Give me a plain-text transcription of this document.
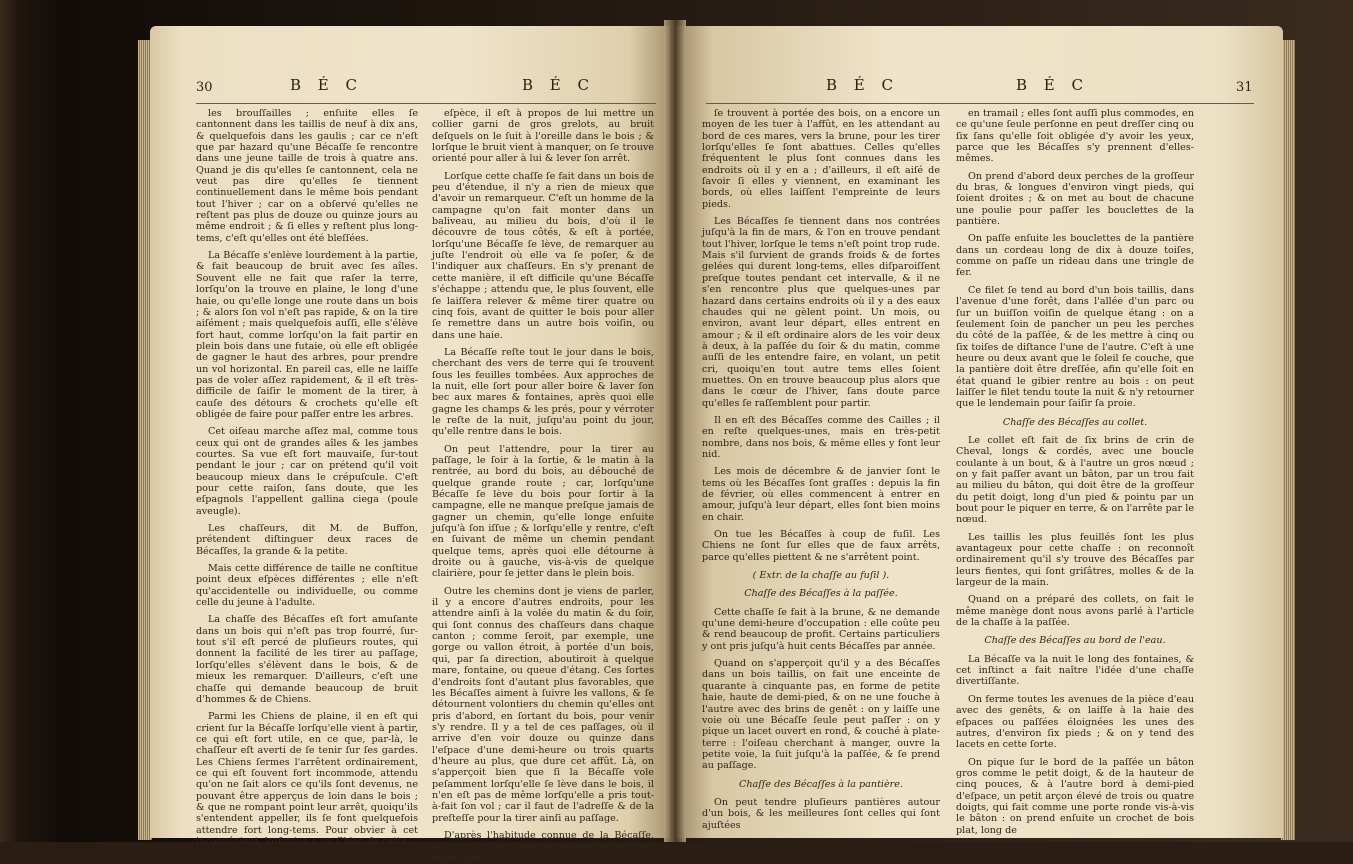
30	B É C	B É C

les brouſſailles ; enſuite elles ſe cantonnent dans les taillis de neuf à dix ans, & quelquefois dans les gaulis ; car ce n'eſt que par hazard qu'une Bécaſſe ſe rencontre dans une jeune taille de trois à quatre ans. Quand je dis qu'elles ſe cantonnent, cela ne veut pas dire qu'elles ſe tiennent continuellement dans le même bois pendant tout l'hiver ; car on a obſervé qu'elles ne reſtent pas plus de douze ou quinze jours au même endroit ; & ſi elles y reſtent plus long-tems, c'eſt qu'elles ont été bleſſées.

La Bécaſſe s'enlève lourdement à la partie, & fait beaucoup de bruit avec ſes aîles. Souvent elle ne fait que raſer la terre, lorſqu'on la trouve en plaine, le long d'une haie, ou qu'elle longe une route dans un bois ; & alors ſon vol n'eſt pas rapide, & on la tire aiſément ; mais quelquefois auſſi, elle s'élève fort haut, comme lorſqu'on la fait partir en plein bois dans une futaie, où elle eſt obligée de gagner le haut des arbres, pour prendre un vol horizontal. En pareil cas, elle ne laiſſe pas de voler aſſez rapidement, & il eſt très-difficile de ſaiſir le moment de la tirer, à cauſe des détours & crochets qu'elle eſt obligée de faire pour paſſer entre les arbres.

Cet oiſeau marche aſſez mal, comme tous ceux qui ont de grandes aîles & les jambes courtes. Sa vue eſt fort mauvaiſe, ſur-tout pendant le jour ; car on prétend qu'il voit beaucoup mieux dans le crépuſcule. C'eſt pour cette raiſon, ſans doute, que les eſpagnols l'appellent gallina ciega (poule aveugle).

Les chaſſeurs, dit M. de Buffon, prétendent diſtinguer deux races de Bécaſſes, la grande & la petite.

Mais cette différence de taille ne conſtitue point deux eſpèces différentes ; elle n'eſt qu'accidentelle ou individuelle, ou comme celle du jeune à l'adulte.

La chaſſe des Bécaſſes eſt fort amuſante dans un bois qui n'eſt pas trop fourré, ſur-tout s'il eſt percé de pluſieurs routes, qui donnent la facilité de les tirer au paſſage, lorſqu'elles s'élèvent dans le bois, & de mieux les remarquer. D'ailleurs, c'eſt une chaſſe qui demande beaucoup de bruit d'hommes & de Chiens.

Parmi les Chiens de plaine, il en eſt qui crient ſur la Bécaſſe lorſqu'elle vient à partir, ce qui eſt fort utile, en ce que, par-là, le chaſſeur eſt averti de ſe tenir ſur ſes gardes. Les Chiens ſermes l'arrêtent ordinairement, ce qui eſt ſouvent fort incommode, attendu qu'on ne ſait alors ce qu'ils ſont devenus, ne pouvant être apperçus de loin dans le bois ; & que ne rompant point leur arrêt, quoiqu'ils s'entendent appeller, ils ſe font quelquefois attendre fort long-tems. Pour obvier à cet inconvénient, lorſqu'on a un Chien de cette

eſpèce, il eſt à propos de lui mettre un collier garni de gros grelots, au bruit deſquels on le ſuit à l'oreille dans le bois ; & lorſque le bruit vient à manquer, on ſe trouve orienté pour aller à lui & lever ſon arrêt.

Lorſque cette chaſſe ſe fait dans un bois de peu d'étendue, il n'y a rien de mieux que d'avoir un remarqueur. C'eſt un homme de la campagne qu'on fait monter dans un baliveau, au milieu du bois, d'où il le découvre de tous côtés, & eſt à portée, lorſqu'une Bécaſſe ſe lève, de remarquer au juſte l'endroit où elle va ſe poſer, & de l'indiquer aux chaſſeurs. En s'y prenant de cette manière, il eſt difficile qu'une Bécaſſe s'échappe ; attendu que, le plus ſouvent, elle ſe laiſſera relever & même tirer quatre ou cinq fois, avant de quitter le bois pour aller ſe remettre dans un autre bois voiſin, ou dans une haie.

La Bécaſſe reſte tout le jour dans le bois, cherchant des vers de terre qui ſe trouvent ſous les feuilles tombées. Aux approches de la nuit, elle ſort pour aller boire & laver ſon bec aux mares & fontaines, après quoi elle gagne les champs & les prés, pour y vérroter le reſte de la nuit, juſqu'au point du jour, qu'elle rentre dans le bois.

On peut l'attendre, pour la tirer au paſſage, le ſoir à la ſortie, & le matin à la rentrée, au bord du bois, au débouché de quelque grande route ; car, lorſqu'une Bécaſſe ſe lève du bois pour ſortir à la campagne, elle ne manque preſque jamais de gagner un chemin, qu'elle longe enſuite juſqu'à ſon iſſue ; & lorſqu'elle y rentre, c'eſt en ſuivant de même un chemin pendant quelque tems, après quoi elle détourne à droite ou à gauche, vis-à-vis de quelque clairière, pour ſe jetter dans le plein bois.

Outre les chemins dont je viens de parler, il y a encore d'autres endroits, pour les attendre ainſi à la volée du matin & du ſoir, qui ſont connus des chaſſeurs dans chaque canton ; comme ſeroit, par exemple, une gorge ou vallon étroit, à portée d'un bois, qui, par ſa direction, aboutiroit à quelque mare, fontaine, ou queue d'étang. Ces ſortes d'endroits ſont d'autant plus favorables, que les Bécaſſes aiment à ſuivre les vallons, & ſe détournent volontiers du chemin qu'elles ont pris d'abord, en ſortant du bois, pour venir s'y rendre. Il y a tel de ces paſſages, où il arrive d'en voir douze ou quinze dans l'eſpace d'une demi-heure ou trois quarts d'heure au plus, que dure cet affût. Là, on s'apperçoit bien que ſi la Bécaſſe vole peſamment lorſqu'elle ſe lève dans le bois, il n'en eſt pas de même lorſqu'elle a pris tout-à-fait ſon vol ; car il faut de l'adreſſe & de la preſteſſe pour la tirer ainſi au paſſage.

D'après l'habitude connue de la Bécaſſe, de venir le ſoir boire & ſe laver le bec aux mares qui

B É C	B É C	31

ſe trouvent à portée des bois, on a encore un moyen de les tuer à l'affût, en les attendant au bord de ces mares, vers la brune, pour les tirer lorſqu'elles ſe ſont abattues. Celles qu'elles fréquentent le plus ſont connues dans les endroits où il y en a ; d'ailleurs, il eſt aiſé de ſavoir ſi elles y viennent, en examinant les bords, où elles laiſſent l'empreinte de leurs pieds.

Les Bécaſſes ſe tiennent dans nos contrées juſqu'à la fin de mars, & l'on en trouve pendant tout l'hiver, lorſque le tems n'eſt point trop rude. Mais s'il ſurvient de grands froids & de fortes gelées qui durent long-tems, elles diſparoiſſent preſque toutes pendant cet intervalle, & il ne s'en rencontre plus que quelques-unes par hazard dans certains endroits où il y a des eaux chaudes qui ne gèlent point. Un mois, ou environ, avant leur départ, elles entrent en amour ; & il eſt ordinaire alors de les voir deux à deux, à la paſſée du ſoir & du matin, comme auſſi de les entendre faire, en volant, un petit cri, quoiqu'en tout autre tems elles ſoient muettes. On en trouve beaucoup plus alors que dans le cœur de l'hiver, ſans doute parce qu'elles ſe raſſemblent pour partir.

Il en eſt des Bécaſſes comme des Cailles ; il en reſte quelques-unes, mais en très-petit nombre, dans nos bois, & même elles y font leur nid.

Les mois de décembre & de janvier ſont le tems où les Bécaſſes ſont graſſes : depuis la fin de février, où elles commencent à entrer en amour, juſqu'à leur départ, elles ſont bien moins en chair.

On tue les Bécaſſes à coup de fuſil. Les Chiens ne ſont ſur elles que de faux arrêts, parce qu'elles piettent & ne s'arrêtent point.

( Extr. de la chaſſe au fuſil ).

Chaſſe des Bécaſſes à la paſſée.

Cette chaſſe ſe fait à la brune, & ne demande qu'une demi-heure d'occupation : elle coûte peu & rend beaucoup de profit. Certains particuliers y ont pris juſqu'à huit cents Bécaſſes par année.

Quand on s'apperçoit qu'il y a des Bécaſſes dans un bois taillis, on fait une enceinte de quarante à cinquante pas, en forme de petite haie, haute de demi-pied, & on ne une fouche à l'autre avec des brins de genêt : on y laiſſe une voie où une Bécaſſe ſeule peut paſſer : on y pique un lacet ouvert en rond, & couché à plate-terre : l'oiſeau cherchant à manger, ouvre la petite voie, la ſuit juſqu'à la paſſée, & ſe prend au paſſage.

Chaſſe des Bécaſſes à la pantière.

On peut tendre pluſieurs pantières autour d'un bois, & les meilleures ſont celles qui ſont ajuſtées

en tramail ; elles ſont auſſi plus commodes, en ce qu'une ſeule perſonne en peut dreſſer cinq ou ſix ſans qu'elle ſoit obligée d'y avoir les yeux, parce que les Bécaſſes s'y prennent d'elles-mêmes.

On prend d'abord deux perches de la groſſeur du bras, & longues d'environ vingt pieds, qui ſoient droites ; & on met au bout de chacune une poulie pour paſſer les bouclettes de la pantière.

On paſſe enſuite les bouclettes de la pantière dans un cordeau long de dix à douze toiſes, comme on paſſe un rideau dans une tringle de fer.

Ce filet ſe tend au bord d'un bois taillis, dans l'avenue d'une forêt, dans l'allée d'un parc ou ſur un buiſſon voiſin de quelque étang : on a ſeulement ſoin de pancher un peu les perches du côté de la paſſée, & de les mettre à cinq ou ſix toiſes de diſtance l'une de l'autre. C'eſt à une heure ou deux avant que le ſoleil ſe couche, que la pantière doit être dreſſée, afin qu'elle ſoit en état quand le gibier rentre au bois : on peut laiſſer le filet tendu toute la nuit & n'y retourner que le lendemain pour ſaiſir ſa proie.

Chaſſe des Bécaſſes au collet.

Le collet eſt fait de ſix brins de crin de Cheval, longs & cordés, avec une boucle coulante à un bout, & à l'autre un gros nœud ; on y fait paſſer avant un bâton, par un trou fait au milieu du bâton, qui doit être de la groſſeur du petit doigt, long d'un pied & pointu par un bout pour le piquer en terre, & on l'arrête par le nœud.

Les taillis les plus feuillés ſont les plus avantageux pour cette chaſſe : on reconnoît ordinairement qu'il s'y trouve des Bécaſſes par leurs fientes, qui ſont griſâtres, molles & de la largeur de la main.

Quand on a préparé des collets, on fait le même manège dont nous avons parlé à l'article de la chaſſe à la paſſée.

Chaſſe des Bécaſſes au bord de l'eau.

La Bécaſſe va la nuit le long des fontaines, & cet inſtinct a fait naître l'idée d'une chaſſe divertiſſante.

On ferme toutes les avenues de la pièce d'eau avec des genêts, & on laiſſe à la haie des eſpaces ou paſſées éloignées les unes des autres, d'environ ſix pieds ; & on y tend des lacets en cette ſorte.

On pique ſur le bord de la paſſée un bâton gros comme le petit doigt, & de la hauteur de cinq pouces, & à l'autre bord à demi-pied d'eſpace, un petit arçon élevé de trois ou quatre doigts, qui fait comme une porte ronde vis-à-vis le bâton : on prend enſuite un crochet de bois plat, long de
